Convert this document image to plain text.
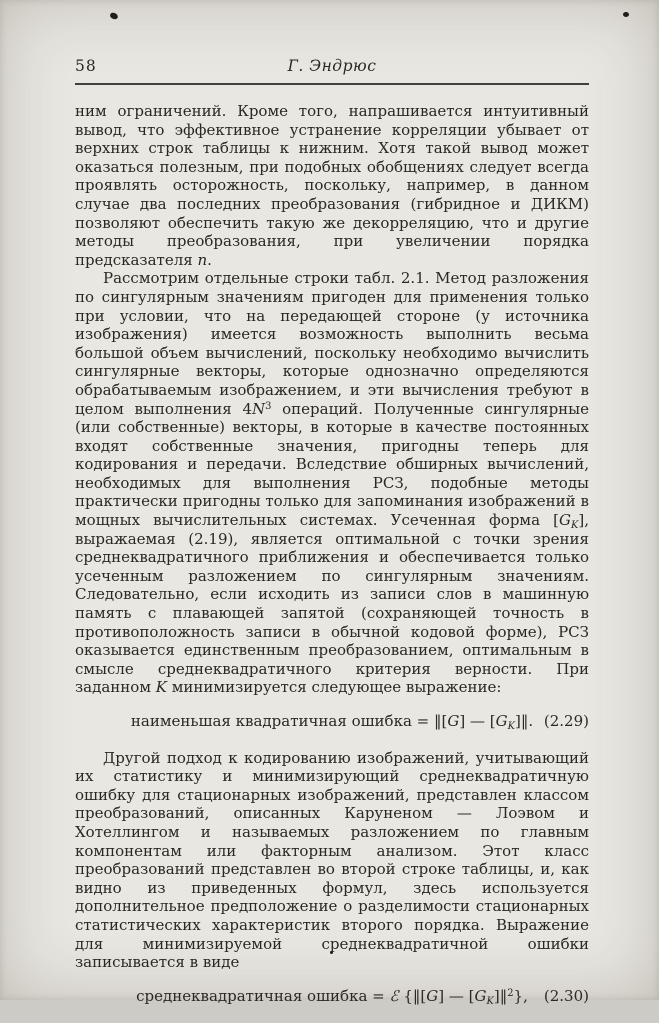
58	Г. Эндрюс

ним ограничений. Кроме того, напрашивается интуитивный вывод, что эффективное устранение корреляции убывает от верхних строк таблицы к нижним. Хотя такой вывод может оказаться полезным, при подобных обобщениях следует всегда проявлять осторожность, поскольку, например, в данном случае два последних преобразования (гибридное и ДИКМ) позволяют обеспечить такую же декорреляцию, что и другие методы преобразования, при увеличении порядка предсказателя n.

Рассмотрим отдельные строки табл. 2.1. Метод разложения по сингулярным значениям пригоден для применения только при условии, что на передающей стороне (у источника изображения) имеется возможность выполнить весьма большой объем вычислений, поскольку необходимо вычислить сингулярные векторы, которые однозначно определяются обрабатываемым изображением, и эти вычисления требуют в целом выполнения $4N^3$ операций. Полученные сингулярные (или собственные) векторы, в которые в качестве постоянных входят собственные значения, пригодны теперь для кодирования и передачи. Вследствие обширных вычислений, необходимых для выполнения РСЗ, подобные методы практически пригодны только для запоминания изображений в мощных вычислительных системах. Усеченная форма $[G_K]$, выражаемая (2.19), является оптимальной с точки зрения среднеквадратичного приближения и обеспечивается только усеченным разложением по сингулярным значениям. Следовательно, если исходить из записи слов в машинную память с плавающей запятой (сохраняющей точность в противоположность записи в обычной кодовой форме), РСЗ оказывается единственным преобразованием, оптимальным в смысле среднеквадратичного критерия верности. При заданном K минимизируется следующее выражение:

наименьшая квадратичная ошибка = ‖[G] — $[G_K]‖$. (2.29)

Другой подход к кодированию изображений, учитывающий их статистику и минимизирующий среднеквадратичную ошибку для стационарных изображений, представлен классом преобразований, описанных Каруненом — Лоэвом и Хотеллингом и называемых разложением по главным компонентам или факторным анализом. Этот класс преобразований представлен во второй строке таблицы, и, как видно из приведенных формул, здесь используется дополнительное предположение о разделимости стационарных статистических характеристик второго порядка. Выражение для минимизируемой среднеквадратичной ошибки записывается в виде

среднеквадратичная ошибка = ℰ {‖[G] — $[G_K]‖^2$}, (2.30)
